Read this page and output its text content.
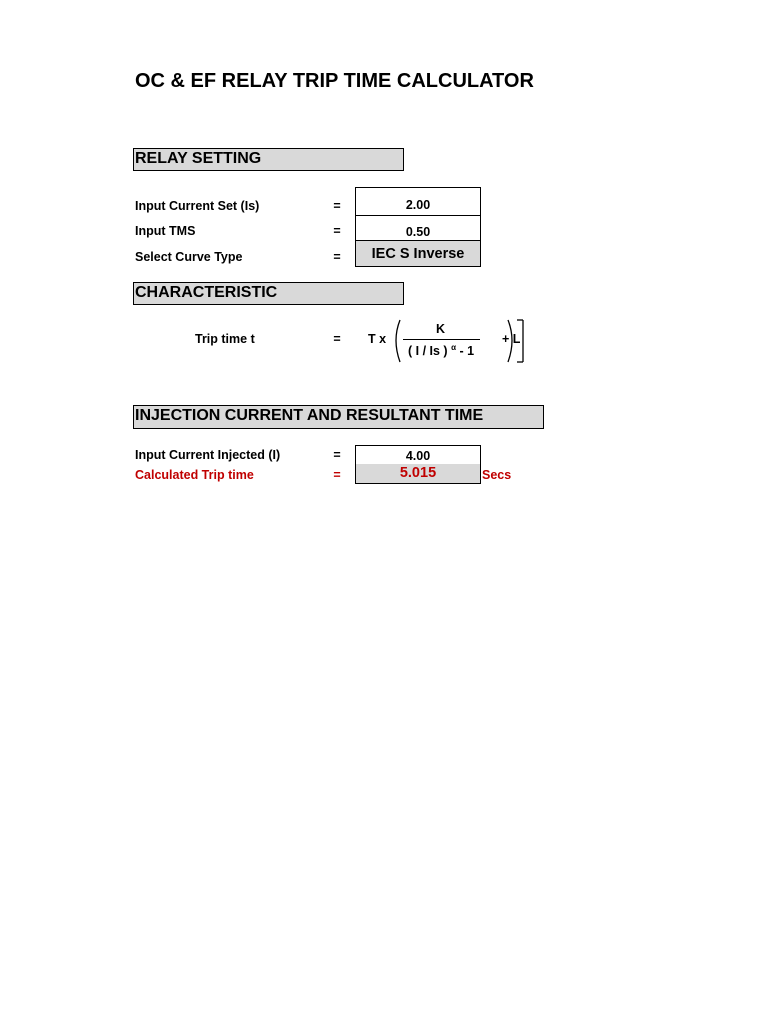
OC & EF RELAY TRIP TIME CALCULATOR
RELAY SETTING
Input Current Set (Is)	=	2.00
Input TMS	=	0.50
Select Curve Type	=	IEC S Inverse
CHARACTERISTIC
Trip time t	=	T x
K
( I / Is ) $^\alpha$ - 1
+ L
INJECTION CURRENT AND RESULTANT TIME
Input Current Injected (I)	=	4.00
Calculated Trip time	=	5.015	Secs
